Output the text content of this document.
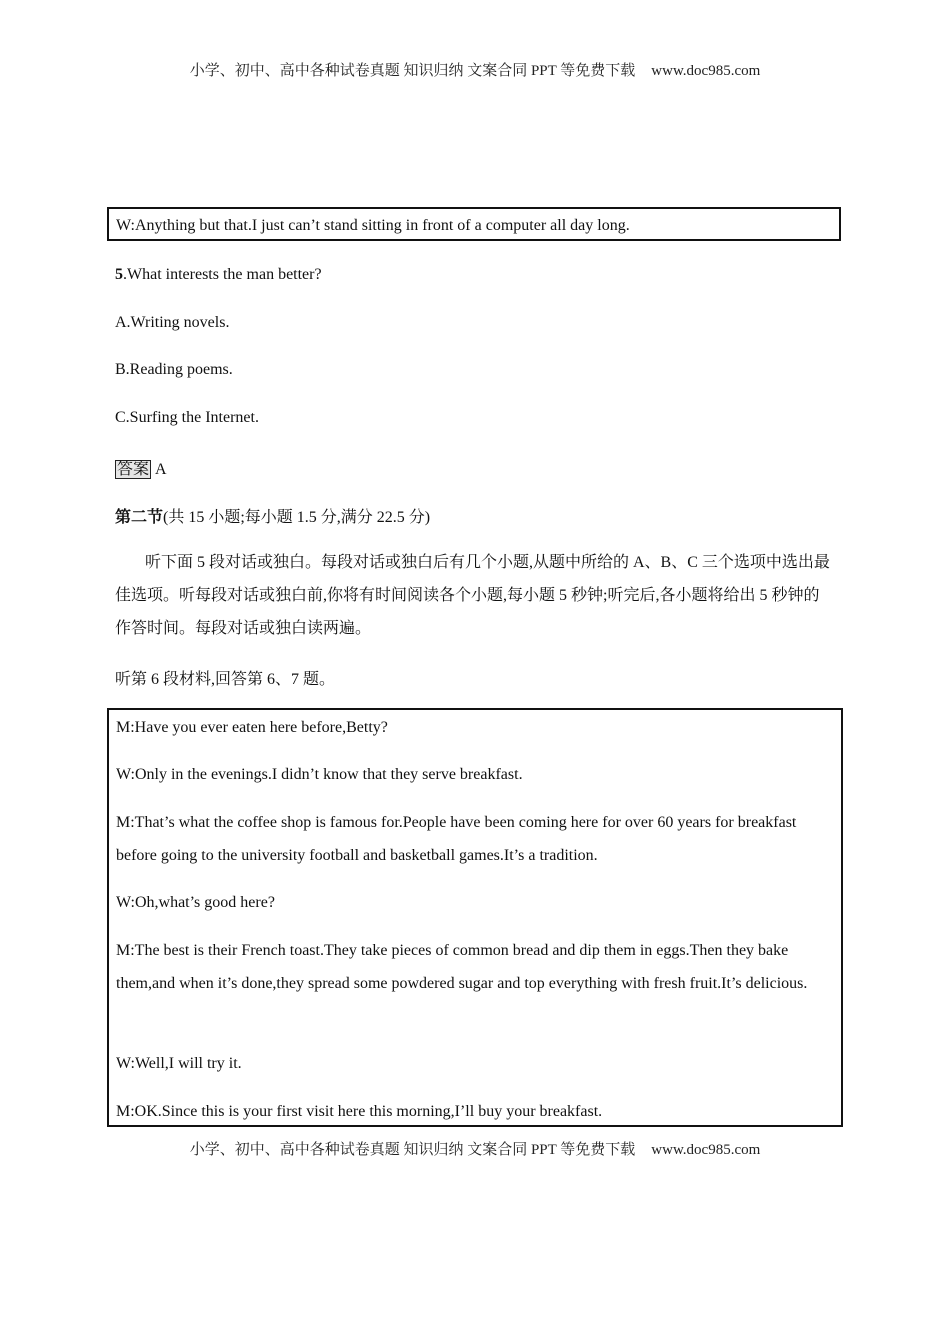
小学、初中、高中各种试卷真题 知识归纳 文案合同 PPT 等免费下载 www.doc985.com

W:Anything but that.I just can’t stand sitting in front of a computer all day long.

5.What interests the man better?

A.Writing novels.

B.Reading poems.

C.Surfing the Internet.

答案 A

第二节(共 15 小题;每小题 1.5 分,满分 22.5 分)

听下面 5 段对话或独白。每段对话或独白后有几个小题,从题中所给的 A、B、C 三个选项中选出最佳选项。听每段对话或独白前,你将有时间阅读各个小题,每小题 5 秒钟;听完后,各小题将给出 5 秒钟的作答时间。每段对话或独白读两遍。

听第 6 段材料,回答第 6、7 题。

M:Have you ever eaten here before,Betty?

W:Only in the evenings.I didn’t know that they serve breakfast.

M:That’s what the coffee shop is famous for.People have been coming here for over 60 years for breakfast before going to the university football and basketball games.It’s a tradition.

W:Oh,what’s good here?

M:The best is their French toast.They take pieces of common bread and dip them in eggs.Then they bake them,and when it’s done,they spread some powdered sugar and top everything with fresh fruit.It’s delicious.

W:Well,I will try it.

M:OK.Since this is your first visit here this morning,I’ll buy your breakfast.

小学、初中、高中各种试卷真题 知识归纳 文案合同 PPT 等免费下载 www.doc985.com
